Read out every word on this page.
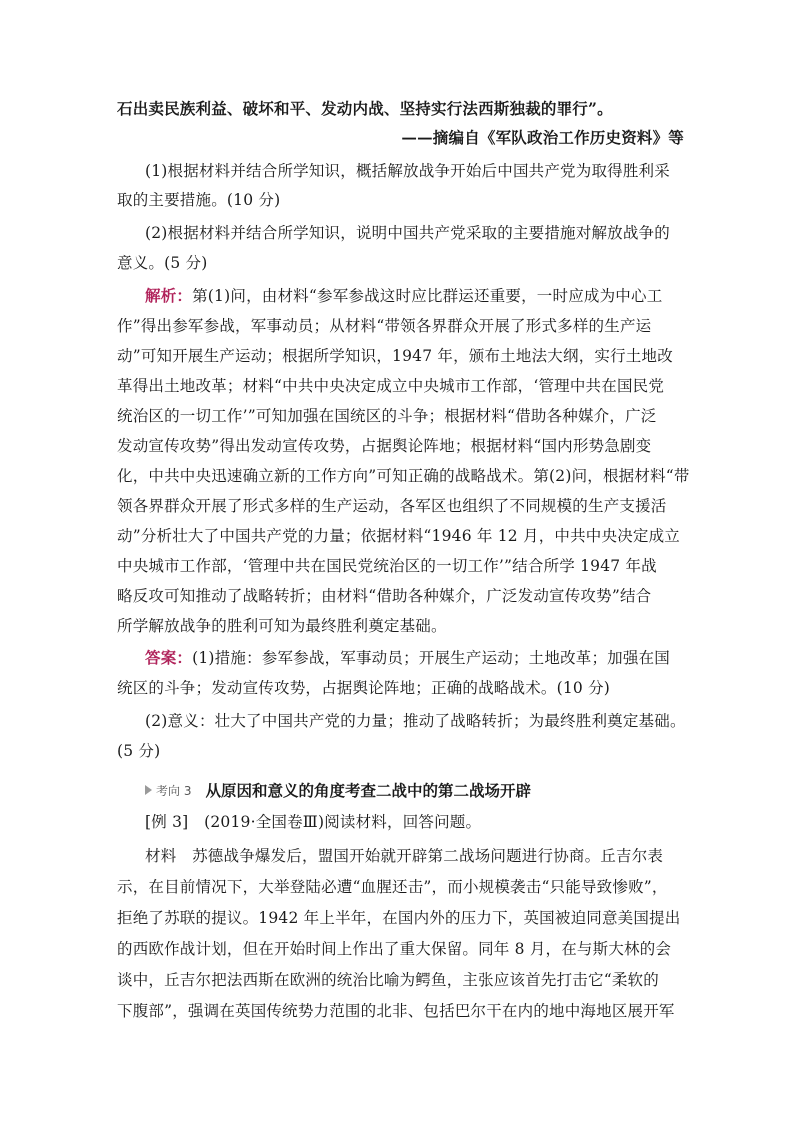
石出卖民族利益、破坏和平、发动内战、坚持实行法西斯独裁的罪行”。
——摘编自《军队政治工作历史资料》等
(1)根据材料并结合所学知识，概括解放战争开始后中国共产党为取得胜利采
取的主要措施。(10 分)
(2)根据材料并结合所学知识，说明中国共产党采取的主要措施对解放战争的
意义。(5 分)
解析：第(1)问，由材料“参军参战这时应比群运还重要，一时应成为中心工
作”得出参军参战，军事动员；从材料“带领各界群众开展了形式多样的生产运
动”可知开展生产运动；根据所学知识，1947 年，颁布土地法大纲，实行土地改
革得出土地改革；材料“中共中央决定成立中央城市工作部，‘管理中共在国民党
统治区的一切工作’”可知加强在国统区的斗争；根据材料“借助各种媒介，广泛
发动宣传攻势”得出发动宣传攻势，占据舆论阵地；根据材料“国内形势急剧变
化，中共中央迅速确立新的工作方向”可知正确的战略战术。第(2)问，根据材料“带
领各界群众开展了形式多样的生产运动，各军区也组织了不同规模的生产支援活
动”分析壮大了中国共产党的力量；依据材料“1946 年 12 月，中共中央决定成立
中央城市工作部，‘管理中共在国民党统治区的一切工作’”结合所学 1947 年战
略反攻可知推动了战略转折；由材料“借助各种媒介，广泛发动宣传攻势”结合
所学解放战争的胜利可知为最终胜利奠定基础。
答案：(1)措施：参军参战，军事动员；开展生产运动；土地改革；加强在国
统区的斗争；发动宣传攻势，占据舆论阵地；正确的战略战术。(10 分)
(2)意义：壮大了中国共产党的力量；推动了战略转折；为最终胜利奠定基础。
(5 分)
考向 3 从原因和意义的角度考查二战中的第二战场开辟
[例 3]　(2019·全国卷Ⅲ)阅读材料，回答问题。
材料　苏德战争爆发后，盟国开始就开辟第二战场问题进行协商。丘吉尔表
示，在目前情况下，大举登陆必遭“血腥还击”，而小规模袭击“只能导致惨败”，
拒绝了苏联的提议。1942 年上半年，在国内外的压力下，英国被迫同意美国提出
的西欧作战计划，但在开始时间上作出了重大保留。同年 8 月，在与斯大林的会
谈中，丘吉尔把法西斯在欧洲的统治比喻为鳄鱼，主张应该首先打击它“柔软的
下腹部”，强调在英国传统势力范围的北非、包括巴尔干在内的地中海地区展开军
